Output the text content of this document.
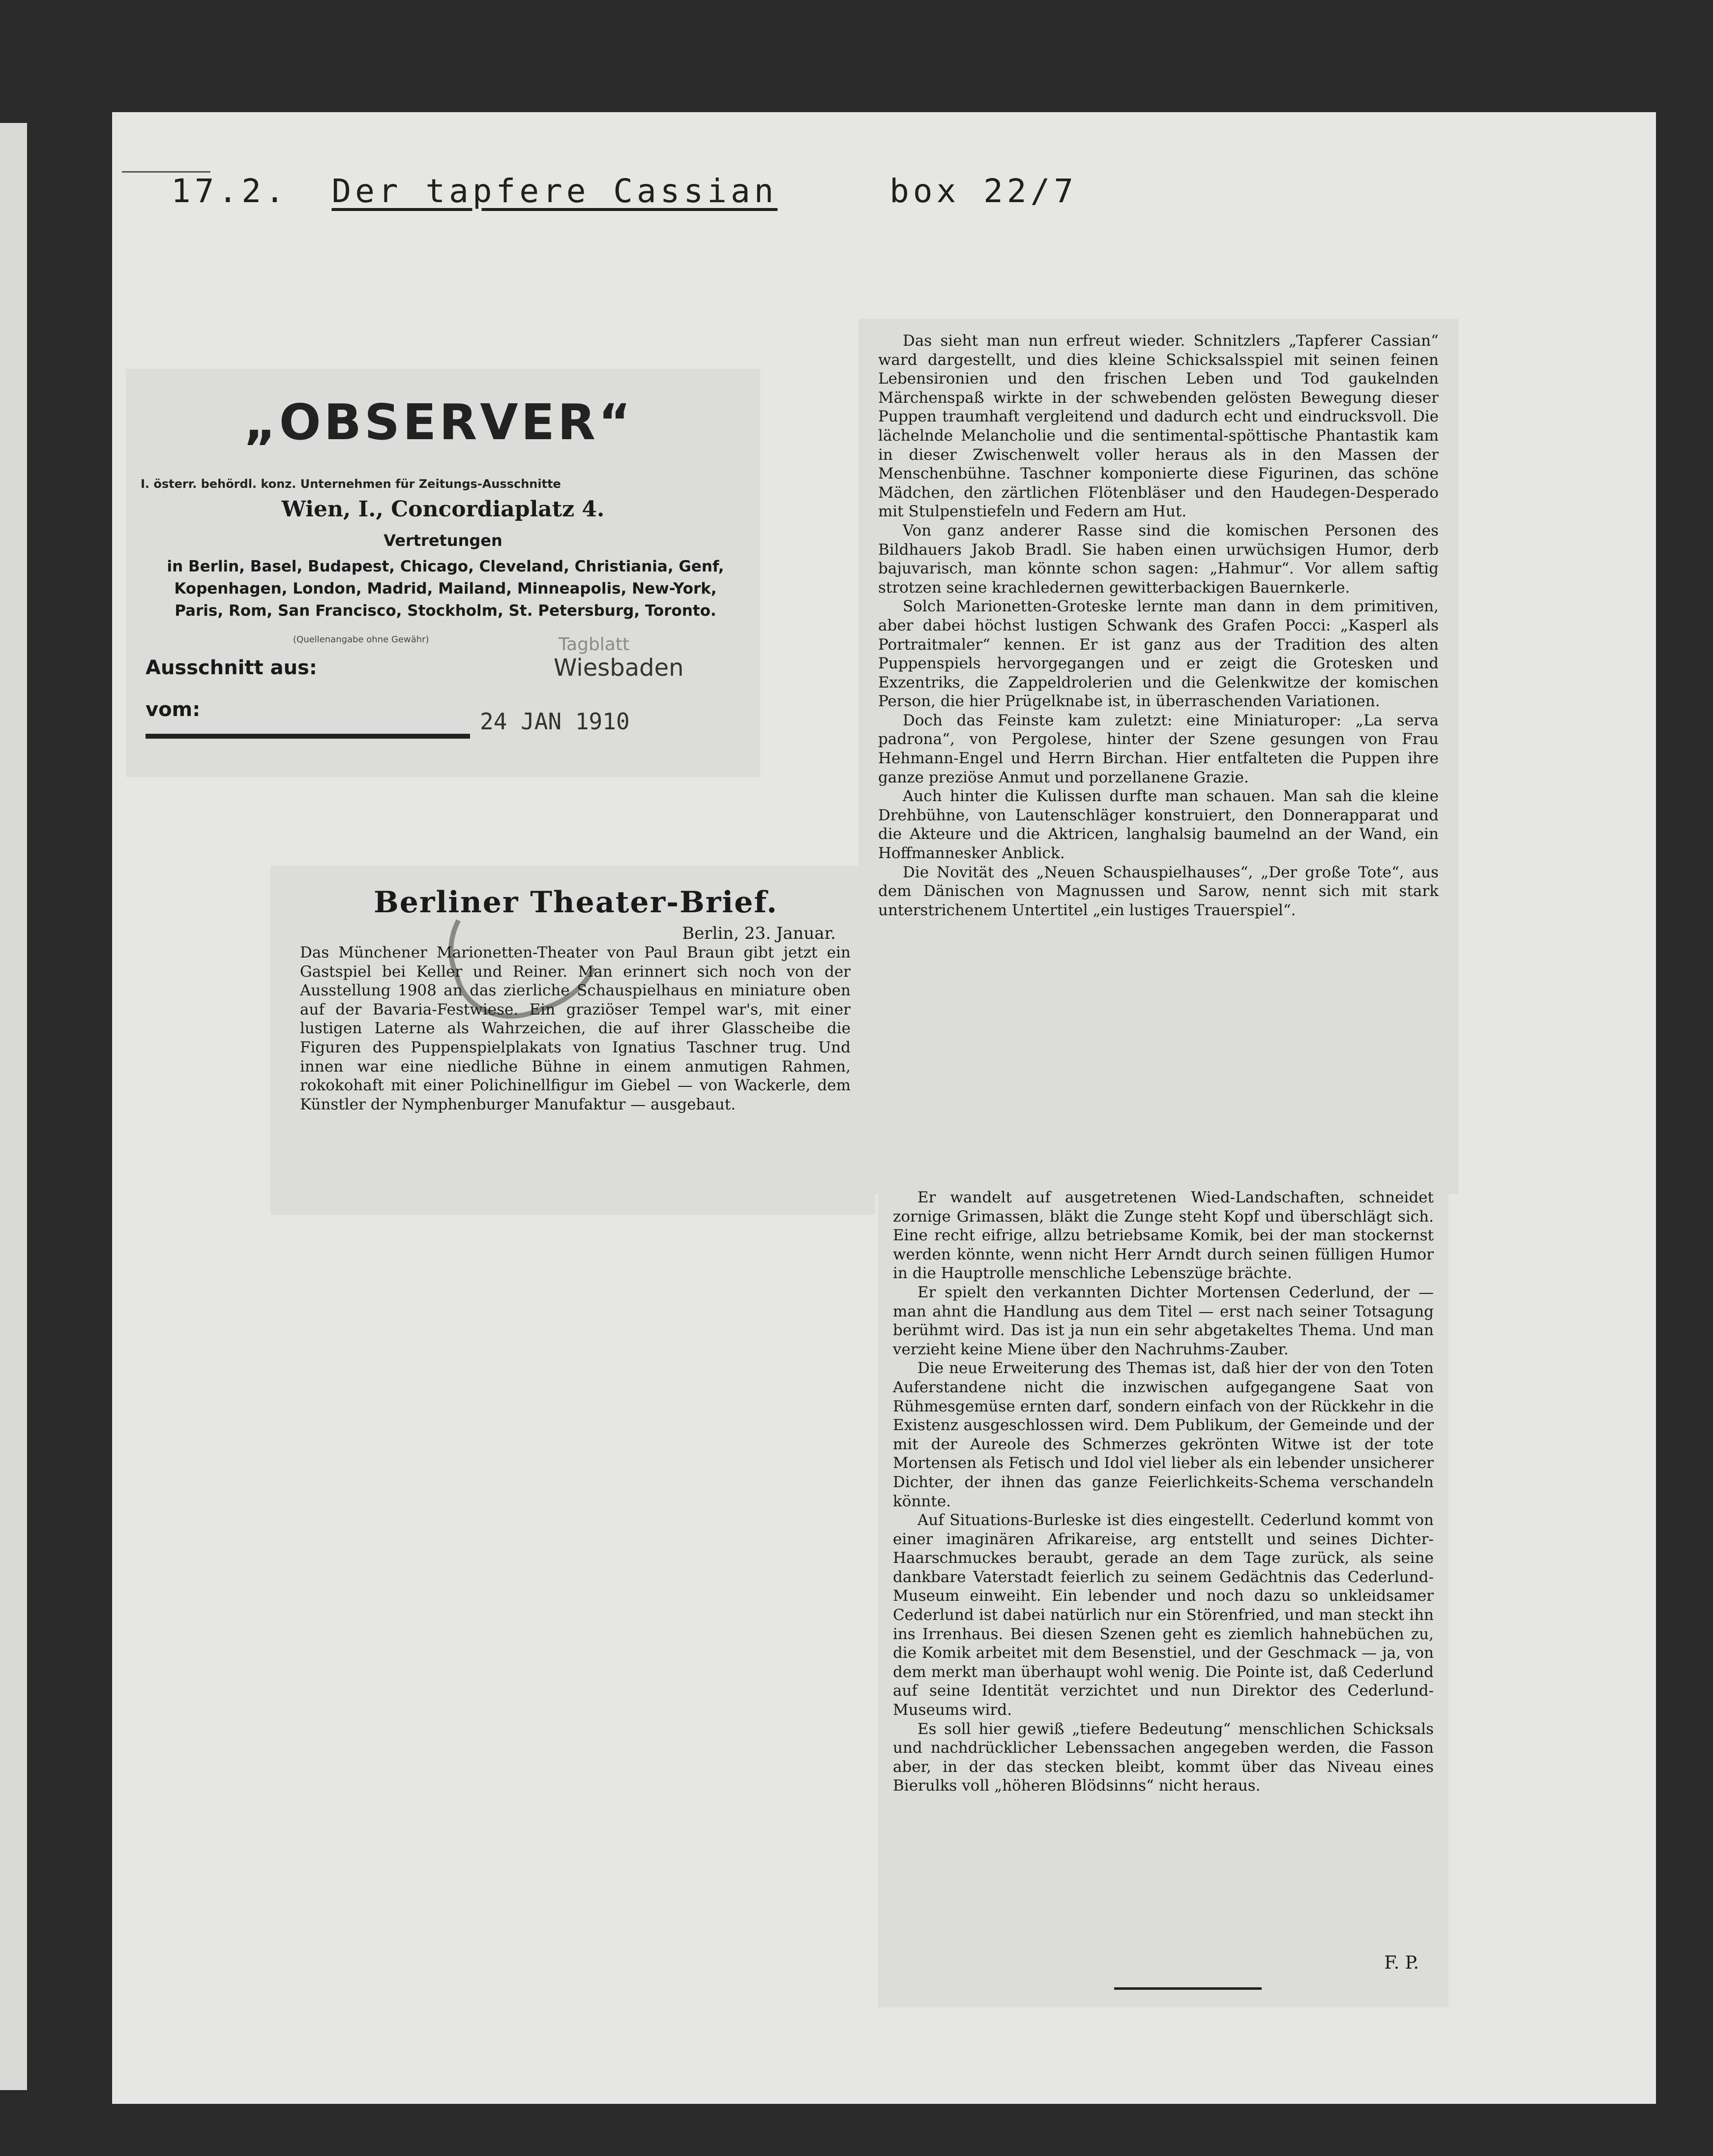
17.2. Der tapfere Cassian	box 22/7
„OBSERVER“
I. österr. behördl. konz. Unternehmen für Zeitungs-Ausschnitte
Wien, I., Concordiaplatz 4.
Vertretungen
in Berlin, Basel, Budapest, Chicago, Cleveland, Christiania, Genf, Kopenhagen, London, Madrid, Mailand, Minneapolis, New-York, Paris, Rom, San Francisco, Stockholm, St. Petersburg, Toronto.
(Quellenangabe ohne Gewähr)	Tagblatt
Ausschnitt aus:	Wiesbaden
vom:	24 JAN 1910
Berliner Theater-Brief.
Berlin, 23. Januar.
Das Münchener Marionetten-Theater von Paul Braun gibt jetzt ein Gastspiel bei Keller und Reiner. Man erinnert sich noch von der Ausstellung 1908 an das zierliche Schauspielhaus en miniature oben auf der Bavaria-Festwiese. Ein graziöser Tempel war's, mit einer lustigen Laterne als Wahrzeichen, die auf ihrer Glasscheibe die Figuren des Puppenspielplakats von Ignatius Taschner trug. Und innen war eine niedliche Bühne in einem anmutigen Rahmen, rokokohaft mit einer Polichinellfigur im Giebel — von Wackerle, dem Künstler der Nymphenburger Manufaktur — ausgebaut.

Das sieht man nun erfreut wieder. Schnitzlers „Tapferer Cassian“ ward dargestellt, und dies kleine Schicksalsspiel mit seinen feinen Lebensironien und den frischen Leben und Tod gaukelnden Märchenspaß wirkte in der schwebenden gelösten Bewegung dieser Puppen traumhaft vergleitend und dadurch echt und eindrucksvoll. Die lächelnde Melancholie und die sentimental-spöttische Phantastik kam in dieser Zwischenwelt voller heraus als in den Massen der Menschenbühne. Taschner komponierte diese Figurinen, das schöne Mädchen, den zärtlichen Flötenbläser und den Haudegen-Desperado mit Stulpenstiefeln und Federn am Hut.

Von ganz anderer Rasse sind die komischen Personen des Bildhauers Jakob Bradl. Sie haben einen urwüchsigen Humor, derb bajuvarisch, man könnte schon sagen: „Hahmur“. Vor allem saftig strotzen seine krachledernen gewitterbackigen Bauernkerle.

Solch Marionetten-Groteske lernte man dann in dem primitiven, aber dabei höchst lustigen Schwank des Grafen Pocci: „Kasperl als Portraitmaler“ kennen. Er ist ganz aus der Tradition des alten Puppenspiels hervorgegangen und er zeigt die Grotesken und Exzentriks, die Zappeldrolerien und die Gelenkwitze der komischen Person, die hier Prügelknabe ist, in überraschenden Variationen.

Doch das Feinste kam zuletzt: eine Miniaturoper: „La serva padrona“, von Pergolese, hinter der Szene gesungen von Frau Hehmann-Engel und Herrn Birchan. Hier entfalteten die Puppen ihre ganze preziöse Anmut und porzellanene Grazie.

Auch hinter die Kulissen durfte man schauen. Man sah die kleine Drehbühne, von Lautenschläger konstruiert, den Donnerapparat und die Akteure und die Aktricen, langhalsig baumelnd an der Wand, ein Hoffmannesker Anblick.

Die Novität des „Neuen Schauspielhauses“, „Der große Tote“, aus dem Dänischen von Magnussen und Sarow, nennt sich mit stark unterstrichenem Untertitel „ein lustiges Trauerspiel“.

Er wandelt auf ausgetretenen Wied-Landschaften, schneidet zornige Grimassen, bläkt die Zunge steht Kopf und überschlägt sich. Eine recht eifrige, allzu betriebsame Komik, bei der man stockernst werden könnte, wenn nicht Herr Arndt durch seinen fülligen Humor in die Hauptrolle menschliche Lebenszüge brächte.

Er spielt den verkannten Dichter Mortensen Cederlund, der — man ahnt die Handlung aus dem Titel — erst nach seiner Totsagung berühmt wird. Das ist ja nun ein sehr abgetakeltes Thema. Und man verzieht keine Miene über den Nachruhms-Zauber.

Die neue Erweiterung des Themas ist, daß hier der von den Toten Auferstandene nicht die inzwischen aufgegangene Saat von Rühmesgemüse ernten darf, sondern einfach von der Rückkehr in die Existenz ausgeschlossen wird. Dem Publikum, der Gemeinde und der mit der Aureole des Schmerzes gekrönten Witwe ist der tote Mortensen als Fetisch und Idol viel lieber als ein lebender unsicherer Dichter, der ihnen das ganze Feierlichkeits-Schema verschandeln könnte.

Auf Situations-Burleske ist dies eingestellt. Cederlund kommt von einer imaginären Afrikareise, arg entstellt und seines Dichter-Haarschmuckes beraubt, gerade an dem Tage zurück, als seine dankbare Vaterstadt feierlich zu seinem Gedächtnis das Cederlund-Museum einweiht. Ein lebender und noch dazu so unkleidsamer Cederlund ist dabei natürlich nur ein Störenfried, und man steckt ihn ins Irrenhaus. Bei diesen Szenen geht es ziemlich hahnebüchen zu, die Komik arbeitet mit dem Besenstiel, und der Geschmack — ja, von dem merkt man überhaupt wohl wenig. Die Pointe ist, daß Cederlund auf seine Identität verzichtet und nun Direktor des Cederlund-Museums wird.

Es soll hier gewiß „tiefere Bedeutung“ menschlichen Schicksals und nachdrücklicher Lebenssachen angegeben werden, die Fasson aber, in der das stecken bleibt, kommt über das Niveau eines Bierulks voll „höheren Blödsinns“ nicht heraus.

F. P.
